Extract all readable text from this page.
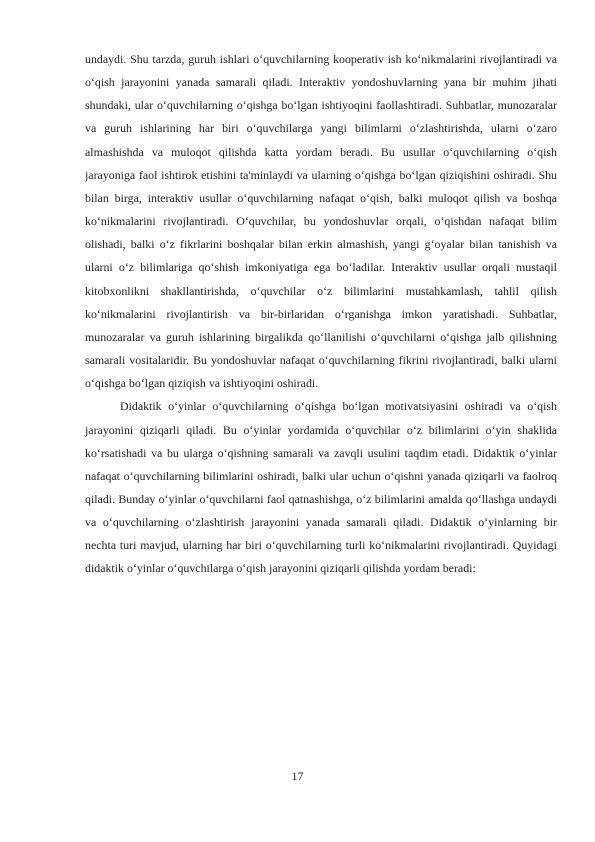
undaydi. Shu tarzda, guruh ishlari o‘quvchilarning kooperativ ish ko‘nikmalarini rivojlantiradi va o‘qish jarayonini yanada samarali qiladi. Interaktiv yondoshuvlarning yana bir muhim jihati shundaki, ular o‘quvchilarning o‘qishga bo‘lgan ishtiyoqini faollashtiradi. Suhbatlar, munozaralar va guruh ishlarining har biri o‘quvchilarga yangi bilimlarni o‘zlashtirishda, ularni o‘zaro almashishda va muloqot qilishda katta yordam beradi. Bu usullar o‘quvchilarning o‘qish jarayoniga faol ishtirok etishini ta'minlaydi va ularning o‘qishga bo‘lgan qiziqishini oshiradi. Shu bilan birga, interaktiv usullar o‘quvchilarning nafaqat o‘qish, balki muloqot qilish va boshqa ko‘nikmalarini rivojlantiradi. O‘quvchilar, bu yondoshuvlar orqali, o‘qishdan nafaqat bilim olishadi, balki o‘z fikrlarini boshqalar bilan erkin almashish, yangi g‘oyalar bilan tanishish va ularni o‘z bilimlariga qo‘shish imkoniyatiga ega bo‘ladilar. Interaktiv usullar orqali mustaqil kitobxonlikni shakllantirishda, o‘quvchilar o‘z bilimlarini mustahkamlash, tahlil qilish ko‘nikmalarini rivojlantirish va bir-birlaridan o‘rganishga imkon yaratishadi. Suhbatlar, munozaralar va guruh ishlarining birgalikda qo‘llanilishi o‘quvchilarni o‘qishga jalb qilishning samarali vositalaridir. Bu yondoshuvlar nafaqat o‘quvchilarning fikrini rivojlantiradi, balki ularni o‘qishga bo‘lgan qiziqish va ishtiyoqini oshiradi.

Didaktik o‘yinlar o‘quvchilarning o‘qishga bo‘lgan motivatsiyasini oshiradi va o‘qish jarayonini qiziqarli qiladi. Bu o‘yinlar yordamida o‘quvchilar o‘z bilimlarini o‘yin shaklida ko‘rsatishadi va bu ularga o‘qishning samarali va zavqli usulini taqdim etadi. Didaktik o‘yinlar nafaqat o‘quvchilarning bilimlarini oshiradi, balki ular uchun o‘qishni yanada qiziqarli va faolroq qiladi. Bunday o‘yinlar o‘quvchilarni faol qatnashishga, o‘z bilimlarini amalda qo‘llashga undaydi va o‘quvchilarning o‘zlashtirish jarayonini yanada samarali qiladi. Didaktik o‘yinlarning bir nechta turi mavjud, ularning har biri o‘quvchilarning turli ko‘nikmalarini rivojlantiradi. Quyidagi didaktik o‘yinlar o‘quvchilarga o‘qish jarayonini qiziqarli qilishda yordam beradi:

17
